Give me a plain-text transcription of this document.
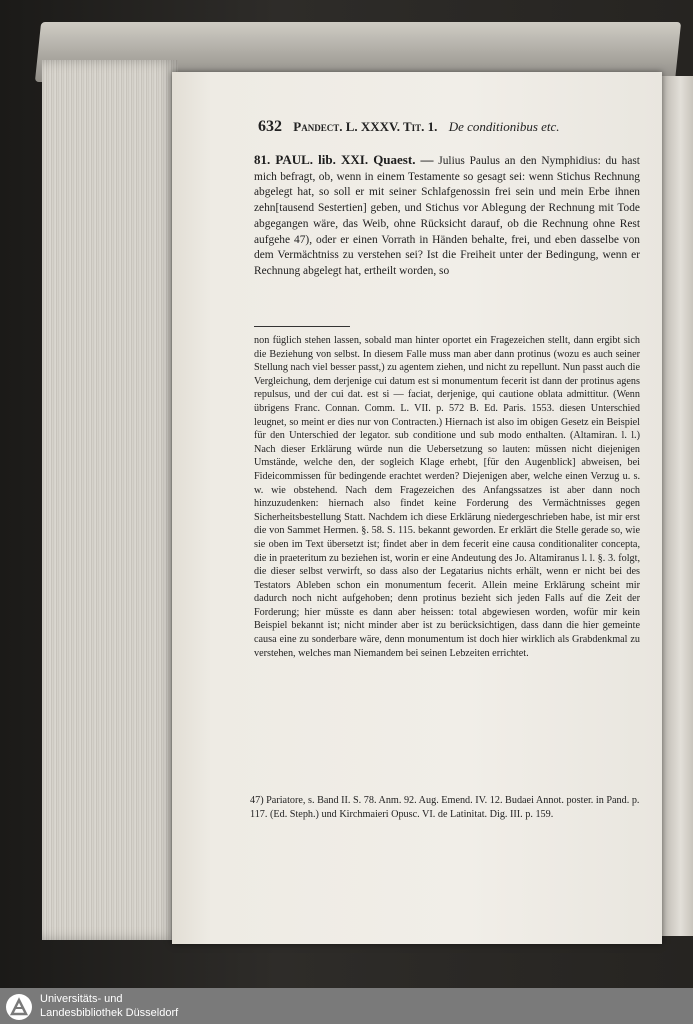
632 Pandect. L. XXXV. Tit. 1. De conditionibus etc.
81. PAUL. lib. XXI. Quaest. — Julius Paulus an den Nymphidius: du hast mich befragt, ob, wenn in einem Testamente so gesagt sei: wenn Stichus Rechnung abgelegt hat, so soll er mit seiner Schlafgenossin frei sein und mein Erbe ihnen zehn[tausend Sestertien] geben, und Stichus vor Ablegung der Rechnung mit Tode abgegangen wäre, das Weib, ohne Rücksicht darauf, ob die Rechnung ohne Rest aufgehe 47), oder er einen Vorrath in Händen behalte, frei, und eben dasselbe von dem Vermächtniss zu verstehen sei? Ist die Freiheit unter der Bedingung, wenn er Rechnung abgelegt hat, ertheilt worden, so
non füglich stehen lassen, sobald man hinter oportet ein Fragezeichen stellt, dann ergibt sich die Beziehung von selbst. In diesem Falle muss man aber dann protinus (wozu es auch seiner Stellung nach viel besser passt,) zu agentem ziehen, und nicht zu repellunt. Nun passt auch die Vergleichung, dem derjenige cui datum est si monumentum fecerit ist dann der protinus agens repulsus, und der cui dat. est si — faciat, derjenige, qui cautione oblata admittitur. (Wenn übrigens Franc. Connan. Comm. L. VII. p. 572 B. Ed. Paris. 1553. diesen Unterschied leugnet, so meint er dies nur von Contracten.) Hiernach ist also im obigen Gesetz ein Beispiel für den Unterschied der legator. sub conditione und sub modo enthalten. (Altamiran. l. l.) Nach dieser Erklärung würde nun die Uebersetzung so lauten: müssen nicht diejenigen Umstände, welche den, der sogleich Klage erhebt, [für den Augenblick] abweisen, bei Fideicommissen für bedingende erachtet werden? Diejenigen aber, welche einen Verzug u. s. w. wie obstehend. Nach dem Fragezeichen des Anfangssatzes ist aber dann noch hinzuzudenken: hiernach also findet keine Forderung des Vermächtnisses gegen Sicherheitsbestellung Statt. Nachdem ich diese Erklärung niedergeschrieben habe, ist mir erst die von Sammet Hermen. §. 58. S. 115. bekannt geworden. Er erklärt die Stelle gerade so, wie sie oben im Text übersetzt ist; findet aber in dem fecerit eine causa conditionaliter concepta, die in praeteritum zu beziehen ist, worin er eine Andeutung des Jo. Altamiranus l. l. §. 3. folgt, die dieser selbst verwirft, so dass also der Legatarius nichts erhält, wenn er nicht bei des Testators Ableben schon ein monumentum fecerit. Allein meine Erklärung scheint mir dadurch noch nicht aufgehoben; denn protinus bezieht sich jeden Falls auf die Zeit der Forderung; hier müsste es dann aber heissen: total abgewiesen worden, wofür mir kein Beispiel bekannt ist; nicht minder aber ist zu berücksichtigen, dass dann die hier gemeinte causa eine zu sonderbare wäre, denn monumentum ist doch hier wirklich als Grabdenkmal zu verstehen, welches man Niemandem bei seinen Lebzeiten errichtet.
47) Pariatore, s. Band II. S. 78. Anm. 92. Aug. Emend. IV. 12. Budaei Annot. poster. in Pand. p. 117. (Ed. Steph.) und Kirchmaieri Opusc. VI. de Latinitat. Dig. III. p. 159.
Universitäts- und
Landesbibliothek Düsseldorf
